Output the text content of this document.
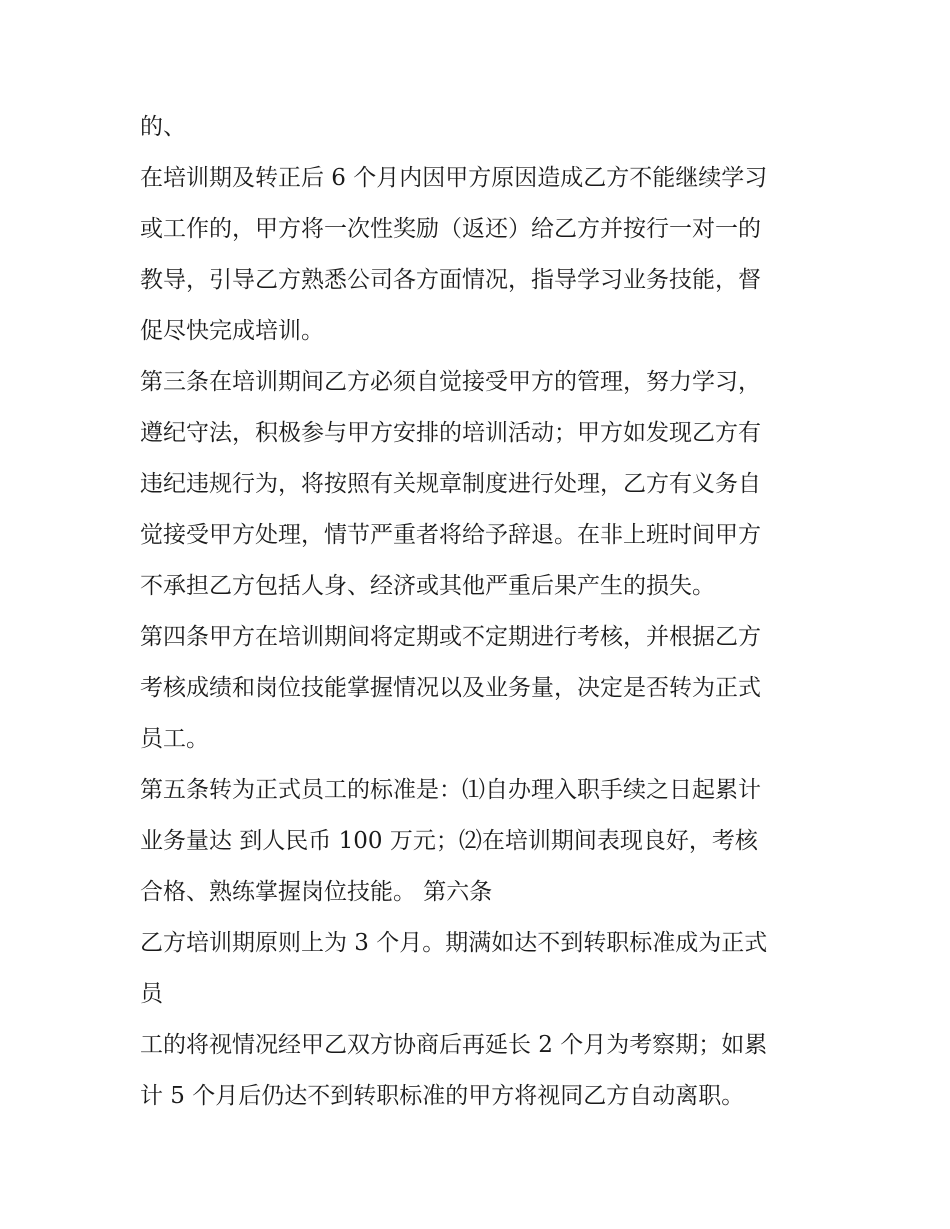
的、
在培训期及转正后 6 个月内因甲方原因造成乙方不能继续学习
或工作的，甲方将一次性奖励（返还）给乙方并按行一对一的
教导，引导乙方熟悉公司各方面情况，指导学习业务技能，督
促尽快完成培训。
第三条在培训期间乙方必须自觉接受甲方的管理，努力学习，
遵纪守法，积极参与甲方安排的培训活动；甲方如发现乙方有
违纪违规行为，将按照有关规章制度进行处理，乙方有义务自
觉接受甲方处理，情节严重者将给予辞退。在非上班时间甲方
不承担乙方包括人身、经济或其他严重后果产生的损失。
第四条甲方在培训期间将定期或不定期进行考核，并根据乙方
考核成绩和岗位技能掌握情况以及业务量，决定是否转为正式
员工。
第五条转为正式员工的标准是：⑴自办理入职手续之日起累计
业务量达 到人民币 100 万元；⑵在培训期间表现良好，考核
合格、熟练掌握岗位技能。 第六条
乙方培训期原则上为 3 个月。期满如达不到转职标准成为正式
员
工的将视情况经甲乙双方协商后再延长 2 个月为考察期；如累
计 5 个月后仍达不到转职标准的甲方将视同乙方自动离职。
